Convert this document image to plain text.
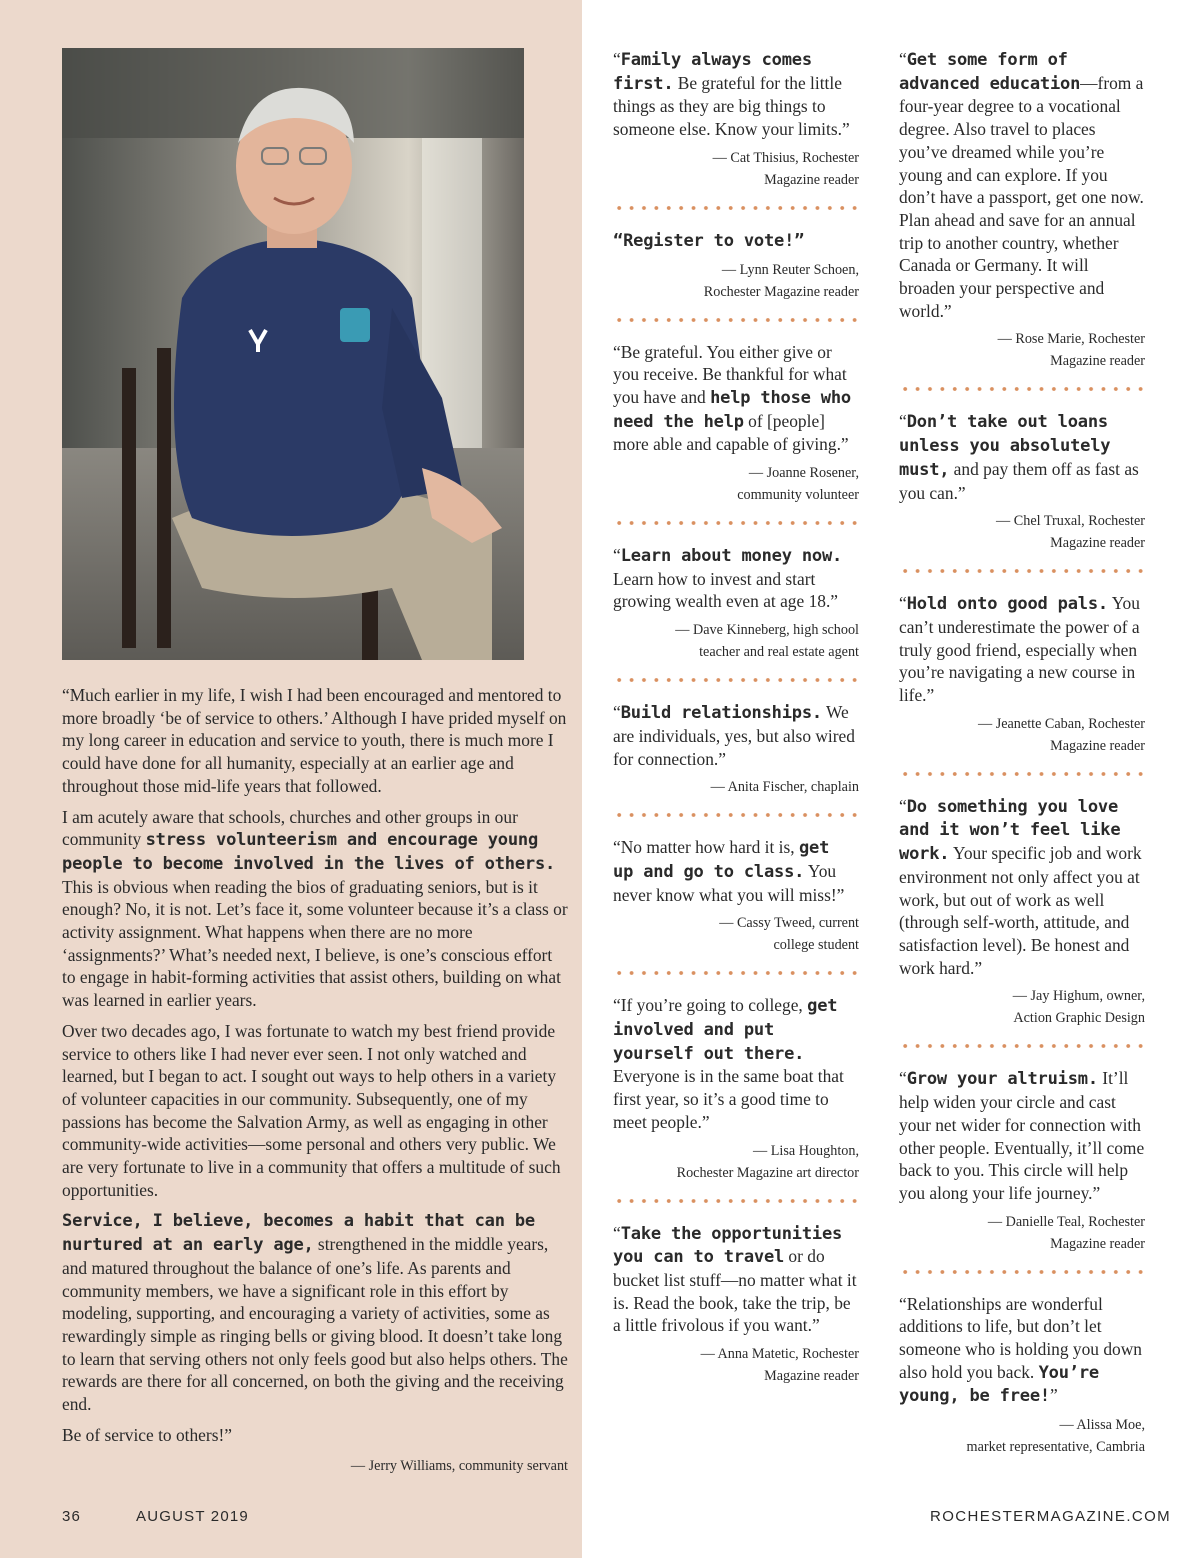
“Much earlier in my life, I wish I had been encouraged and mentored to more broadly ‘be of service to others.’ Although I have prided myself on my long career in education and service to youth, there is much more I could have done for all humanity, especially at an earlier age and throughout those mid-life years that followed.

I am acutely aware that schools, churches and other groups in our community stress volunteerism and encourage young people to become involved in the lives of others. This is obvious when reading the bios of graduating seniors, but is it enough? No, it is not. Let’s face it, some volunteer because it’s a class or activity assignment. What happens when there are no more ‘assignments?’ What’s needed next, I believe, is one’s conscious effort to engage in habit-forming activities that assist others, building on what was learned in earlier years.

Over two decades ago, I was fortunate to watch my best friend provide service to others like I had never ever seen. I not only watched and learned, but I began to act. I sought out ways to help others in a variety of volunteer capacities in our community. Subsequently, one of my passions has become the Salvation Army, as well as engaging in other community-wide activities—some personal and others very public. We are very fortunate to live in a community that offers a multitude of such opportunities.

Service, I believe, becomes a habit that can be nurtured at an early age, strengthened in the middle years, and matured throughout the balance of one’s life. As parents and community members, we have a significant role in this effort by modeling, supporting, and encouraging a variety of activities, some as rewardingly simple as ringing bells or giving blood. It doesn’t take long to learn that serving others not only feels good but also helps others. The rewards are there for all concerned, on both the giving and the receiving end.

Be of service to others!”

— Jerry Williams, community servant
“Family always comes first. Be grateful for the little things as they are big things to someone else. Know your limits.”
— Cat Thisius, Rochester
Magazine reader
“Register to vote!”
— Lynn Reuter Schoen,
Rochester Magazine reader
“Be grateful. You either give or you receive. Be thankful for what you have and help those who need the help of [people] more able and capable of giving.”
— Joanne Rosener,
community volunteer
“Learn about money now. Learn how to invest and start growing wealth even at age 18.”
— Dave Kinneberg, high school
teacher and real estate agent
“Build relationships. We are individuals, yes, but also wired for connection.”
— Anita Fischer, chaplain
“No matter how hard it is, get up and go to class. You never know what you will miss!”
— Cassy Tweed, current
college student
“If you’re going to college, get involved and put yourself out there. Everyone is in the same boat that first year, so it’s a good time to meet people.”
— Lisa Houghton,
Rochester Magazine art director
“Take the opportunities you can to travel or do bucket list stuff—no matter what it is. Read the book, take the trip, be a little frivolous if you want.”
— Anna Matetic, Rochester
Magazine reader
“Get some form of advanced education—from a four-year degree to a vocational degree. Also travel to places you’ve dreamed while you’re young and can explore. If you don’t have a passport, get one now. Plan ahead and save for an annual trip to another country, whether Canada or Germany. It will broaden your perspective and world.”
— Rose Marie, Rochester
Magazine reader
“Don’t take out loans unless you absolutely must, and pay them off as fast as you can.”
— Chel Truxal, Rochester
Magazine reader
“Hold onto good pals. You can’t underestimate the power of a truly good friend, especially when you’re navigating a new course in life.”
— Jeanette Caban, Rochester
Magazine reader
“Do something you love and it won’t feel like work. Your specific job and work environment not only affect you at work, but out of work as well (through self-worth, attitude, and satisfaction level). Be honest and work hard.”
— Jay Highum, owner,
Action Graphic Design
“Grow your altruism. It’ll help widen your circle and cast your net wider for connection with other people. Eventually, it’ll come back to you. This circle will help you along your life journey.”
— Danielle Teal, Rochester
Magazine reader
“Relationships are wonderful additions to life, but don’t let someone who is holding you down also hold you back. You’re young, be free!”
— Alissa Moe,
market representative, Cambria
36	AUGUST 2019	ROCHESTERMAGAZINE.COM
